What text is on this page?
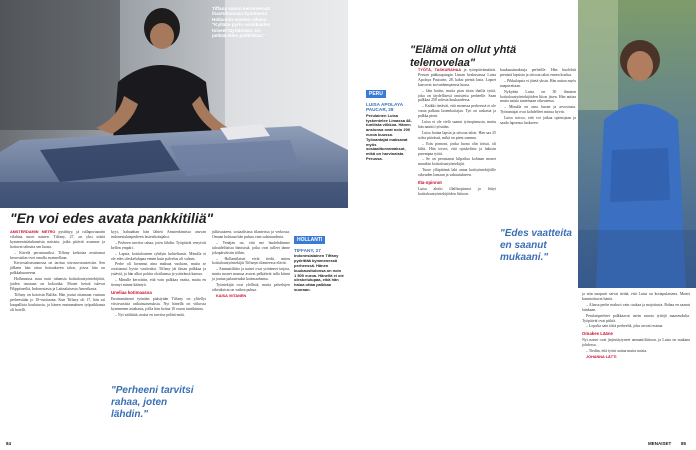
Tiffany sanoo kerinneensä ihastuttamaan kymmeniä Hollannin-vuoden aikana. "Kyllään pyrin asiakkaiden toiveet täyttämään. En pelkää edes politiikkaa."
"En voi edes avata pankkitiliä"

AMSTERDAMIN METRO pysähtyy, ja rullaportaaatin vilahtaa nuori nainen. Tiffany, 27, on yksi niistä kymmenistätuhansista naisista, jotka pitävät asunnon ja hoitavat taloutta sen luona.

– Kävelä perustuuriksi. Tiffany kehottaa avuttomat kerrostalon ovet omalla avaimellaan.

Kerrostaloasunnossa on tarttuu siivousvarusteisiin. Sen jälkeen hän ottaa hoitaakseen talon, joissa hän on palkkahuoneena.

Hollannissa asuu noin tuhansia kotitaloustyöntekijöitä, joiden taustaan on kokoaika. Monet heistä tulevat Filippiineiltä, Indonesiasta ja Latinalaisesta Amerikasta.

Tiffany on kotoisin Balilta. Hän joutui ottamaan vastuun perheestään jo 10-vuotiaana. Kun Tiffany oli 17, hän sai kaupallista koulutusta, ja hänen ensimmäinen työpaikkansa oli hotelli.

kyyt, haluaahan hän lähteä Amsterdamissa asuvan indonesialaisperheen lastenhoitajaksi.

– Perheen tarvitse rahaa, joten lähdin. Työpäivät venyivät kellon ympäri.

– Lapsia, kotitalouteen ryhdyin kohteliaasti. Minulla ei ole edes oleskelulupaa ennen kuin palvelus oli valmis.

Perhe oli luvannut aina maksaa vuokran, mutta se osoittautui hyvin vaativaksi. Tiffany jäi ilman palkkaa ja ystäviä, ja hän alkoi pohtia olotilaansa ja ystävänsä kanssa.

– Minulle kerrottiin, että voin palkkaa vaatia, mutta en tiennyt minne kääntyä.

Uneliaa kotimaassa

Ensimmäisenä työnään päästyään Tiffany on ylitellyt viisivuotista ratkaisuasetuksia. Nyt hänellä on viikossa kymmenen asiakasta, joilla hän hoitaa 10 euron tuntihintaa.

– Nyt säälittää, mutta en tarvitse pelätä enää.

"Perheeni tarvitsi rahaa, joten lähdin."

julkisuuteen, sosiaalisissa tilanteissa ja verkossa. Omaan kohtaan hän puhuu vain salaisuudesta.

– Venäjän on, että me huolehdimme taloudellisista ihmisistä, jotka ovat tulleet tänne jokapäiväisiin töihin.

– Hollantilaiset eivät tiedä, miten kotitaloustyöntekijät Tiffanyn tilanteessa elävät.

– Ammattiliitto ja naiset ovat yrittäneet tarjota, mutta monet maassa asuvat pelkäävät tulla kiinni ja joutua palautetuksi kotimaahansa.

Työntekijät ovat ylellisiä, mutta palvelujen oikeuksista on vaikea puhua.

KAISA VIITANEN

HOLLANTI
TIFFANY, 27
Indonesialainen Tiffany pyörittää kymmenessä perheessä. Hänen kuukausitulonsa on noin 1 500 euroa. Hänellä ei ole oleskelulupaa, eikä hän halua ottaa palkkaa suoraan.
84
"Elämä on ollut yhtä telenovelaa"
PERU
LUISA APOLAYA PAUCAR, 28
Perulainen Luisa tyskentelee Limassa 48-tuntiista viikkoa. Hänen ansionsa ovat noin 200 euroa kuussa. Työnantajat maksavat myös sosiaaliturvamaksut, mikä on harvinaista Perussa.

TYÖTÄ, TASKURAHAA ja työnpäivämäärät. Peruan pääkaupungin Liman keskustassa Luisa Apolaya Paucarin, 28, kaksi pientä lasta. Lapset kasvavat isovanhempiensa luona.

– Jäin kotiin, mutta pian aloin ihailla työtä, joka on täydellisesti omistettu perheelle. Saan palkkaa 250 solesia kuukaudessa.

– Kaikki tietävät, että monessa perheessä ei ole varaa palkata lastenhoitajaa. Työ on raskasta ja palkka pieni.

Luisa ei ole vielä saanut työsopimusta, mutta hän nauttii työstään.

Luisa hoitaa lapsia ja siivoaa talon. Hän saa 25 solea päivässä, mikä on pieni summa.

– Eräs pomoni, jonka luona olin töissä, oli kiltti. Hän toivoi, että opiskelisin ja hakisin parempaa työtä.

– Se on perustanut kilpailua kohtaan monet muutkin kotitaloustyöntekijät.

Tuore ylläpitämä laki antaa kotityöntekijöille oikeuden lomaan ja vakuutukseen.

Ilta-opinnot

Luisa aloitti illallisopinnot ja liittyi kotitaloustyöntekijöiden liittoon.

kuukausimaksuja perheille. Hän huolehtii pienistä lapsista ja siivoaa talon ennen koulua.

– Pikkulapsia ei jätetä yksin. Hän auttaa myös naapureitaan.

Nykyään Luisa on 30 ihmisen kotitaloustyöntekijöiden liiton jäsen. Hän auttaa muita naisia tuntemaan oikeutensa.

– Minulla on oma huone ja arvostusta. Työnantajat ovat kohdelleet minua hyvin.

Luisa toivoo, että voi jatkaa opintojaan ja saada lapsensa luokseen.

"Edes vaatteita en saanut mukaani."

ja niin naapurit saivat tietää, että Luisa on kotiapulaisena. Monet kunnioittavat häntä.

– Alussa perhe maksoi vain ruokaa ja majoitusta. Rahaa en saanut lainkaan.

Perulaisperheet palkkaavat usein nuoria tyttöjä maaseudulta. Työpäivät ovat pitkiä.

– Lopulta sain töitä perheeltä, joka arvosti minua.

Omakes Lääne

Nyt naiset ovat järjestäytyneet ammattiliittoon, ja Luisa on mukana johdossa.

– Tiedän, että työni auttaa muita naisia.

JOHANNA LÄTTI

MENAISET 85
